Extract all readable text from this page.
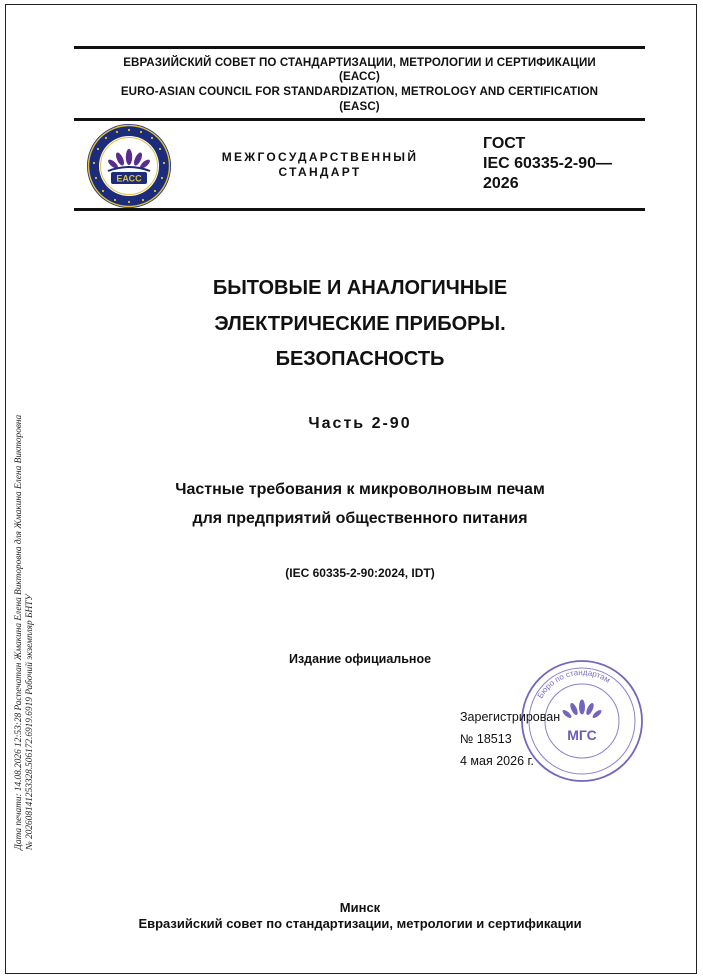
ЕВРАЗИЙСКИЙ СОВЕТ ПО СТАНДАРТИЗАЦИИ, МЕТРОЛОГИИ И СЕРТИФИКАЦИИ
(ЕАСС)
EURO-ASIAN COUNCIL FOR STANDARDIZATION, METROLOGY AND CERTIFICATION
(EASC)
ЕАСС
МЕЖГОСУДАРСТВЕННЫЙ
СТАНДАРТ
ГОСТ
IEC 60335-2-90—
2026
БЫТОВЫЕ И АНАЛОГИЧНЫЕ
ЭЛЕКТРИЧЕСКИЕ ПРИБОРЫ.
БЕЗОПАСНОСТЬ
Часть 2-90
Частные требования к микроволновым печам
для предприятий общественного питания
(IEC 60335-2-90:2024, IDT)
Издание официальное
Бюро по стандартам
МГС
Зарегистрирован
№ 18513
4 мая 2026 г.
Минск
Евразийский совет по стандартизации, метрологии и сертификации
Дата печати: 14.08.2026 12:53:28 Распечатан Жмакина Елена Викторовна для Жмакина Елена Викторовна № 202608141253328.506172.6919.6919 Рабочий экземпляр БНТУ
